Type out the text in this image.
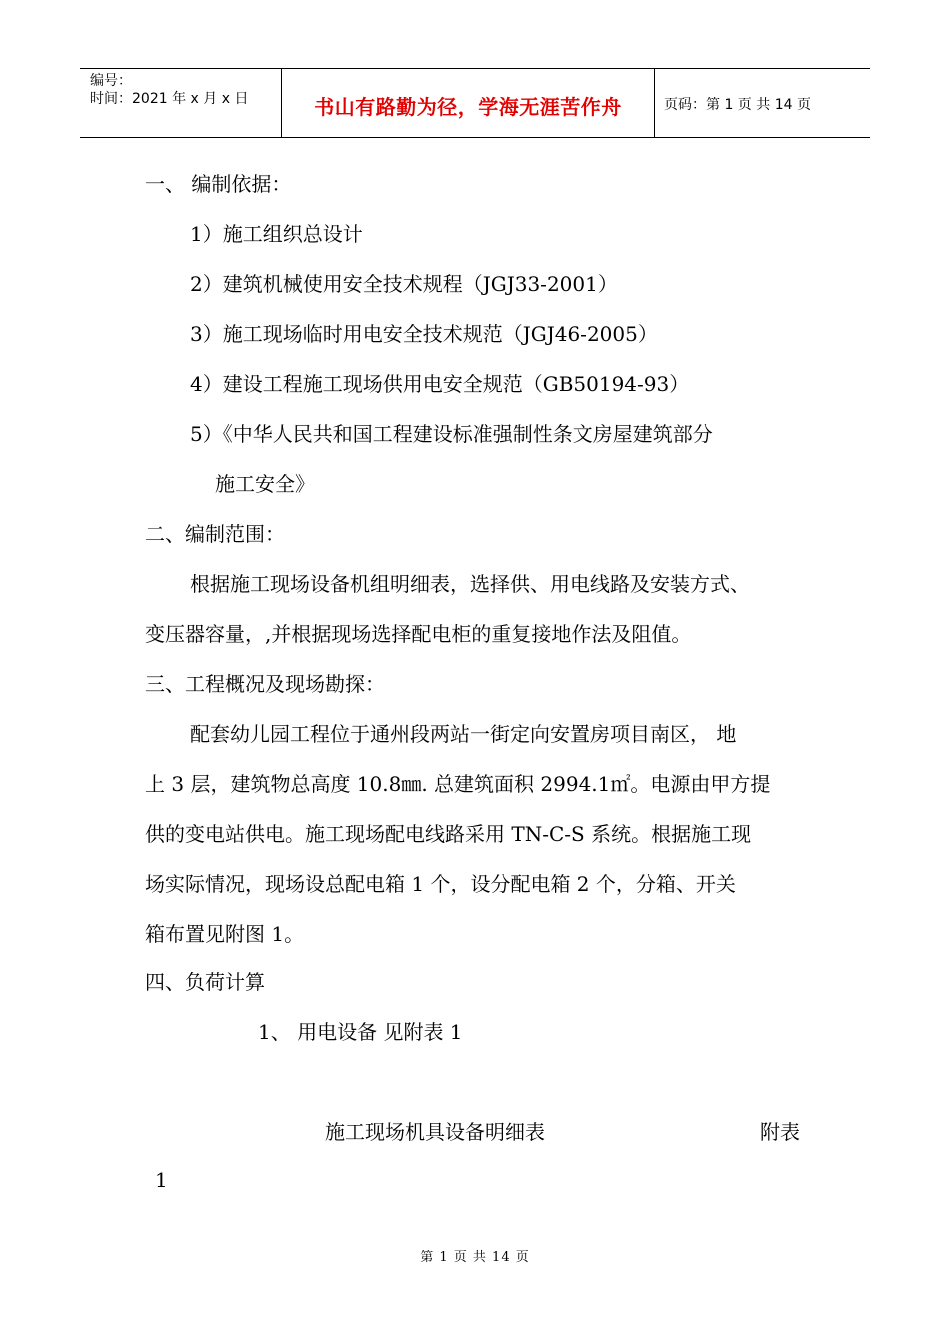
编号：
时间：2021 年 x 月 x 日	书山有路勤为径，学海无涯苦作舟	页码：第 1 页 共 14 页
一、 编制依据：
1）施工组织总设计
2）建筑机械使用安全技术规程（JGJ33-2001）
3）施工现场临时用电安全技术规范（JGJ46-2005）
4）建设工程施工现场供用电安全规范（GB50194-93）
5）《中华人民共和国工程建设标准强制性条文房屋建筑部分
施工安全》
二、编制范围：
根据施工现场设备机组明细表，选择供、用电线路及安装方式、
变压器容量，,并根据现场选择配电柜的重复接地作法及阻值。
三、工程概况及现场勘探：
配套幼儿园工程位于通州段两站一街定向安置房项目南区， 地
上 3 层，建筑物总高度 10.8㎜. 总建筑面积 2994.1㎡。电源由甲方提
供的变电站供电。施工现场配电线路采用 TN-C-S 系统。根据施工现
场实际情况，现场设总配电箱 1 个，设分配电箱 2 个，分箱、开关
箱布置见附图 1。
四、负荷计算
1、 用电设备 见附表 1
施工现场机具设备明细表	附表
1
第 1 页 共 14 页
